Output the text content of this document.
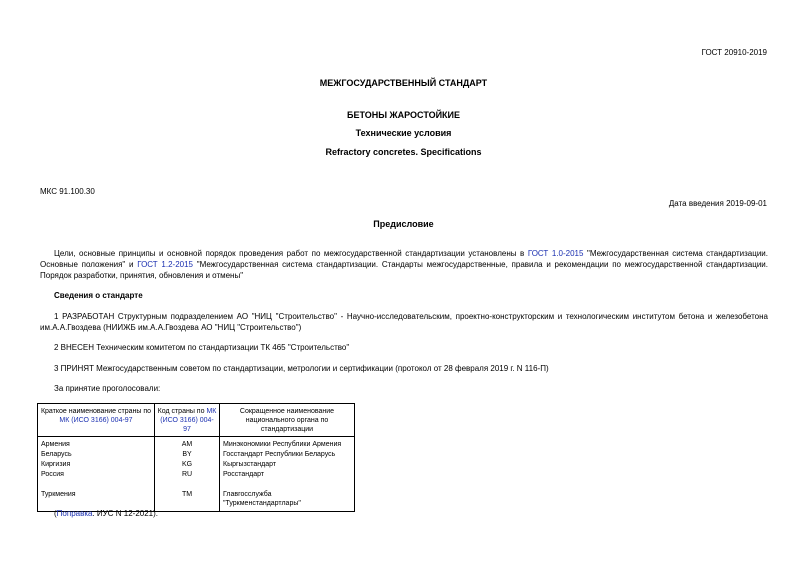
ГОСТ 20910-2019
МЕЖГОСУДАРСТВЕННЫЙ СТАНДАРТ
БЕТОНЫ ЖАРОСТОЙКИЕ
Технические условия
Refractory concretes. Specifications
МКС 91.100.30
Дата введения 2019-09-01
Предисловие
Цели, основные принципы и основной порядок проведения работ по межгосударственной стандартизации установлены в ГОСТ 1.0-2015 "Межгосударственная система стандартизации. Основные положения" и ГОСТ 1.2-2015 "Межгосударственная система стандартизации. Стандарты межгосударственные, правила и рекомендации по межгосударственной стандартизации. Порядок разработки, принятия, обновления и отмены"
Сведения о стандарте
1 РАЗРАБОТАН Структурным подразделением АО "НИЦ "Строительство" - Научно-исследовательским, проектно-конструкторским и технологическим институтом бетона и железобетона им.А.А.Гвоздева (НИИЖБ им.А.А.Гвоздева АО "НИЦ "Строительство")
2 ВНЕСЕН Техническим комитетом по стандартизации ТК 465 "Строительство"
3 ПРИНЯТ Межгосударственным советом по стандартизации, метрологии и сертификации (протокол от 28 февраля 2019 г. N 116-П)
За принятие проголосовали:
Краткое наименование страны по МК (ИСО 3166) 004-97	Код страны по МК (ИСО 3166) 004-97	Сокращенное наименование национального органа по стандартизации
Армения	AM	Минэкономики Республики Армения
Беларусь	BY	Госстандарт Республики Беларусь
Киргизия	KG	Кыргызстандарт
Россия	RU	Росстандарт

Туркмения	TM	Главгосслужба "Туркменстандартлары"
(Поправка. ИУС N 12-2021).
